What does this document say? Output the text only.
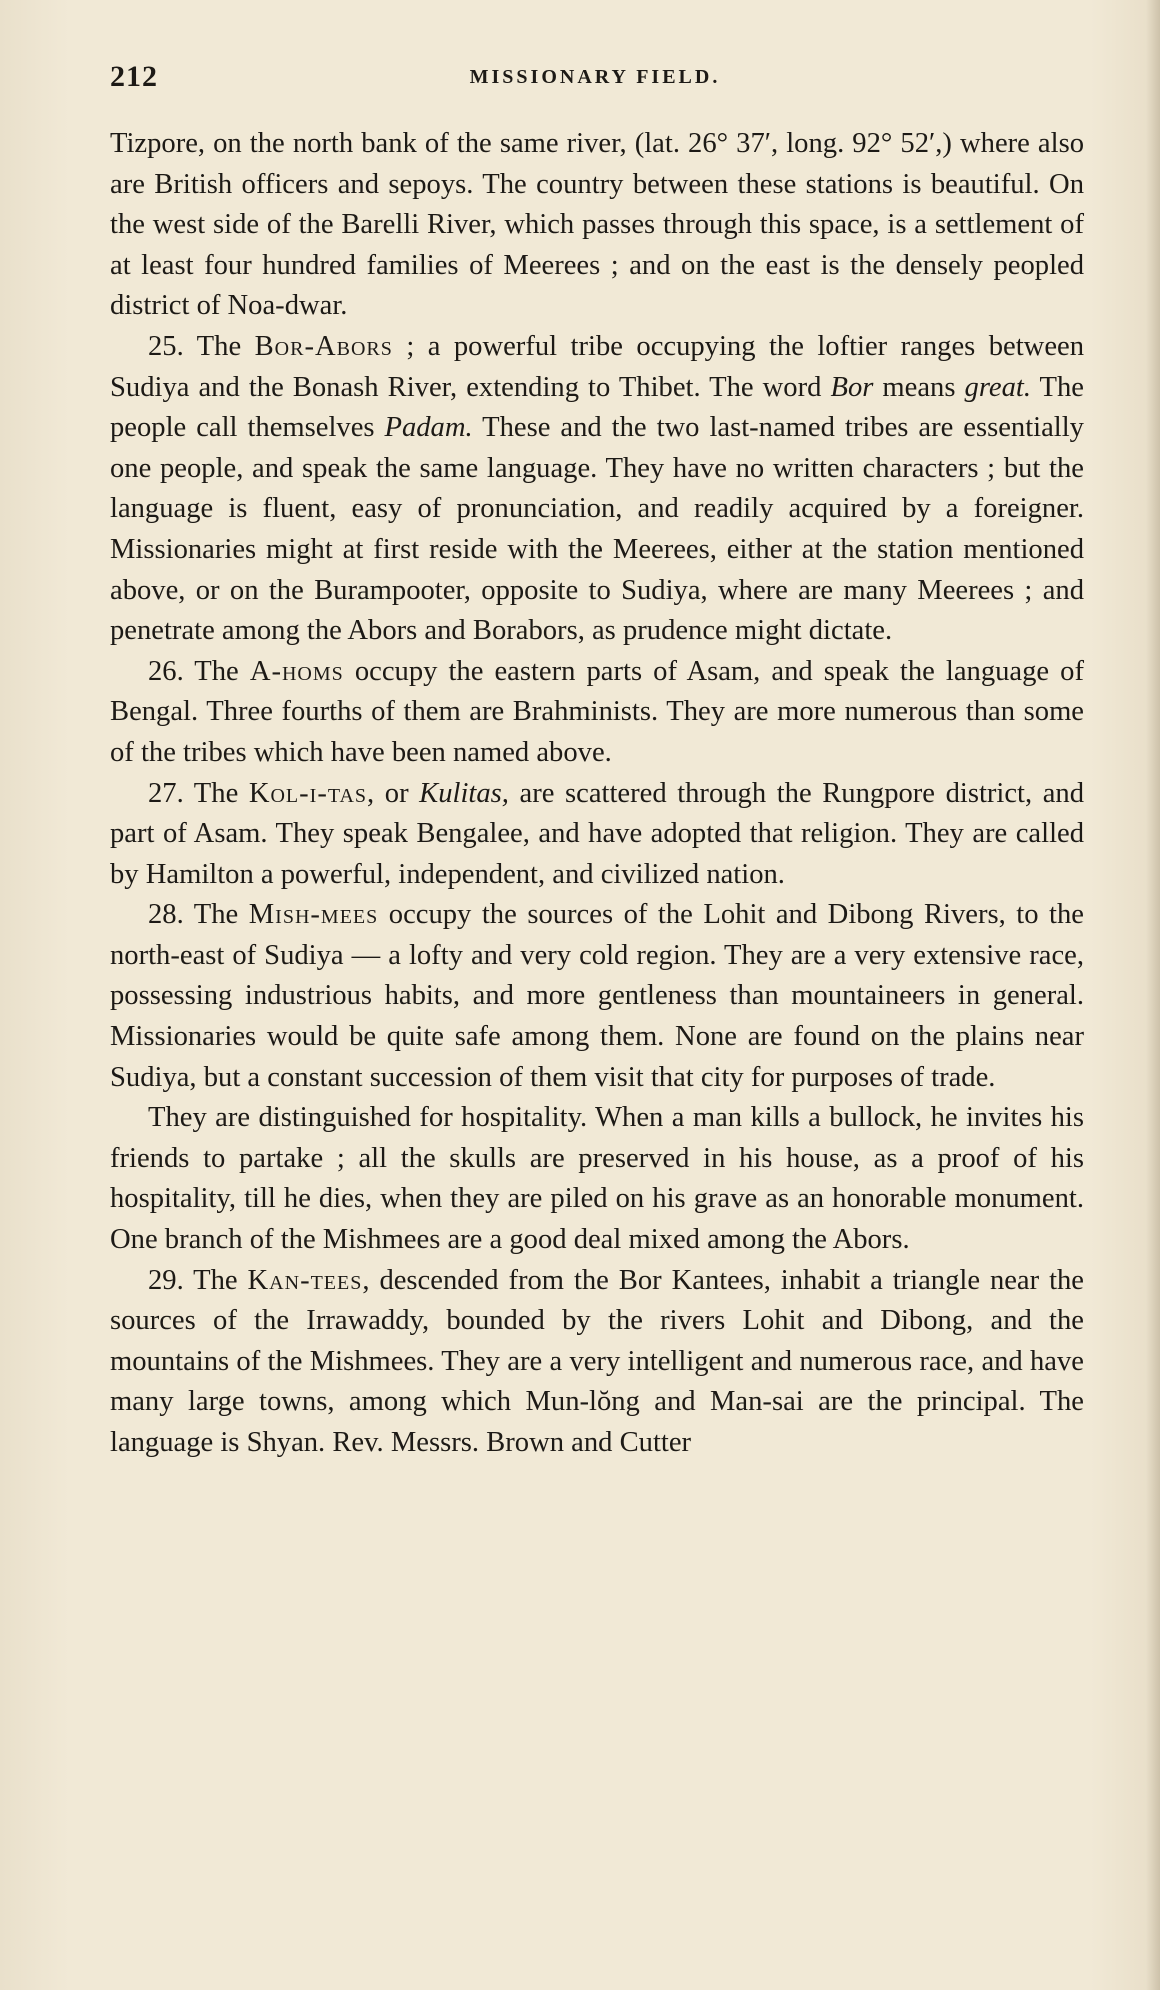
212	MISSIONARY FIELD.

Tizpore, on the north bank of the same river, (lat. 26° 37′, long. 92° 52′,) where also are British officers and sepoys. The country between these stations is beautiful. On the west side of the Barelli River, which passes through this space, is a settlement of at least four hundred families of Meerees ; and on the east is the densely peopled district of Noa-dwar.

25. The Bor-Abors ; a powerful tribe occupying the loftier ranges between Sudiya and the Bonash River, extending to Thibet. The word Bor means great. The people call themselves Padam. These and the two last-named tribes are essentially one people, and speak the same language. They have no written characters ; but the language is fluent, easy of pronunciation, and readily acquired by a foreigner. Missionaries might at first reside with the Meerees, either at the station mentioned above, or on the Burampooter, opposite to Sudiya, where are many Meerees ; and penetrate among the Abors and Borabors, as prudence might dictate.

26. The A-homs occupy the eastern parts of Asam, and speak the language of Bengal. Three fourths of them are Brahminists. They are more numerous than some of the tribes which have been named above.

27. The Kol-i-tas, or Kulitas, are scattered through the Rungpore district, and part of Asam. They speak Bengalee, and have adopted that religion. They are called by Hamilton a powerful, independent, and civilized nation.

28. The Mish-mees occupy the sources of the Lohit and Dibong Rivers, to the north-east of Sudiya — a lofty and very cold region. They are a very extensive race, possessing industrious habits, and more gentleness than mountaineers in general. Missionaries would be quite safe among them. None are found on the plains near Sudiya, but a constant succession of them visit that city for purposes of trade.

They are distinguished for hospitality. When a man kills a bullock, he invites his friends to partake ; all the skulls are preserved in his house, as a proof of his hospitality, till he dies, when they are piled on his grave as an honorable monument. One branch of the Mishmees are a good deal mixed among the Abors.

29. The Kan-tees, descended from the Bor Kantees, inhabit a triangle near the sources of the Irrawaddy, bounded by the rivers Lohit and Dibong, and the mountains of the Mishmees. They are a very intelligent and numerous race, and have many large towns, among which Mun-lŏng and Man-sai are the principal. The language is Shyan. Rev. Messrs. Brown and Cutter
